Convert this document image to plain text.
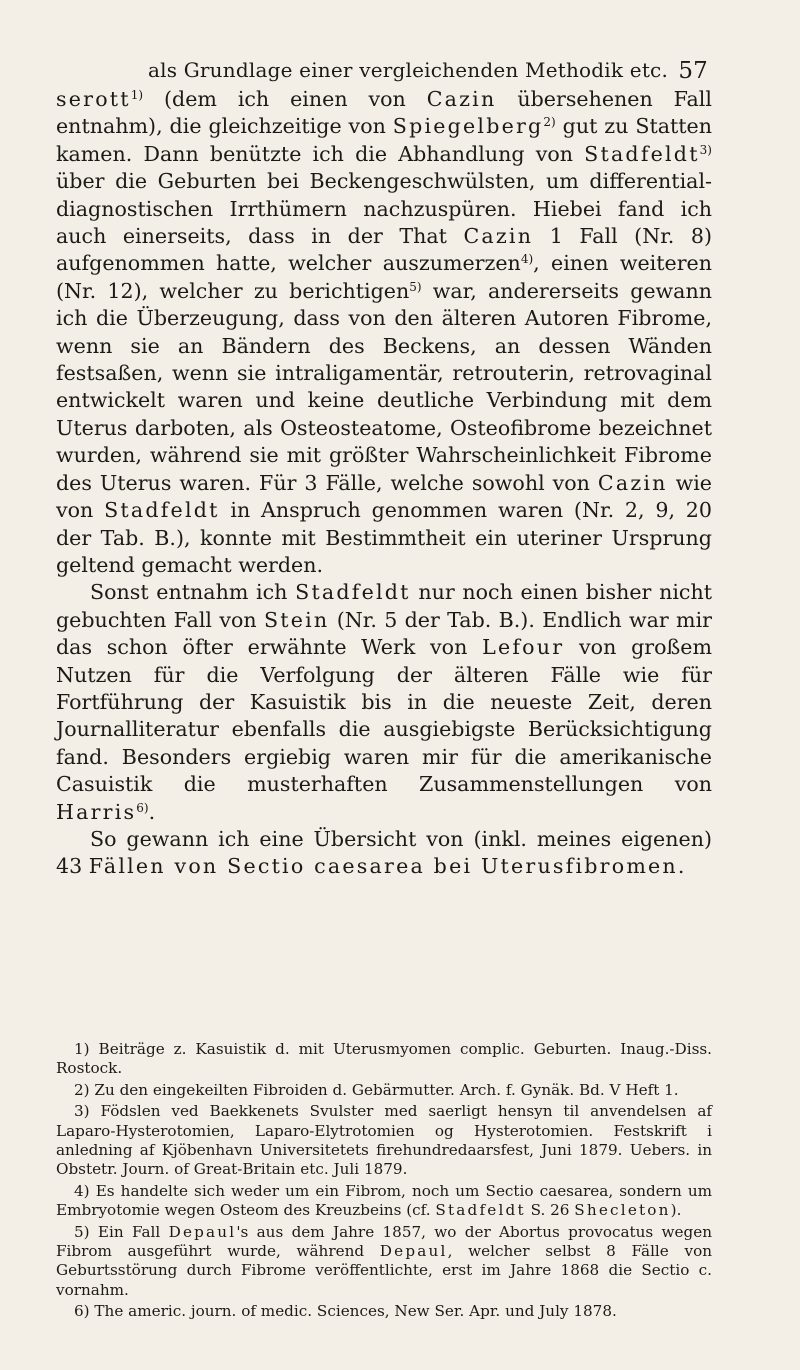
als Grundlage einer vergleichenden Methodik etc. 57

serott$^{1)}$ (dem ich einen von Cazin übersehenen Fall entnahm), die gleichzeitige von Spiegelberg$^{2)}$ gut zu Statten kamen. Dann benützte ich die Abhandlung von Stadfeldt$^{3)}$ über die Geburten bei Beckengeschwülsten, um differential-diagnostischen Irrthümern nachzuspüren. Hiebei fand ich auch einerseits, dass in der That Cazin 1 Fall (Nr. 8) aufgenommen hatte, welcher auszumerzen$^{4)}$, einen weiteren (Nr. 12), welcher zu berichtigen$^{5)}$ war, andererseits gewann ich die Überzeugung, dass von den älteren Autoren Fibrome, wenn sie an Bändern des Beckens, an dessen Wänden festsaßen, wenn sie intraligamentär, retrouterin, retrovaginal entwickelt waren und keine deutliche Verbindung mit dem Uterus darboten, als Osteosteatome, Osteofibrome bezeichnet wurden, während sie mit größter Wahrscheinlichkeit Fibrome des Uterus waren. Für 3 Fälle, welche sowohl von Cazin wie von Stadfeldt in Anspruch genommen waren (Nr. 2, 9, 20 der Tab. B.), konnte mit Bestimmtheit ein uteriner Ursprung geltend gemacht werden.

Sonst entnahm ich Stadfeldt nur noch einen bisher nicht gebuchten Fall von Stein (Nr. 5 der Tab. B.). Endlich war mir das schon öfter erwähnte Werk von Lefour von großem Nutzen für die Verfolgung der älteren Fälle wie für Fortführung der Kasuistik bis in die neueste Zeit, deren Journalliteratur ebenfalls die ausgiebigste Berücksichtigung fand. Besonders ergiebig waren mir für die amerikanische Casuistik die musterhaften Zusammenstellungen von Harris$^{6)}$.

So gewann ich eine Übersicht von (inkl. meines eigenen) 43 Fällen von Sectio caesarea bei Uterusfibromen.

1) Beiträge z. Kasuistik d. mit Uterusmyomen complic. Geburten. Inaug.-Diss. Rostock.

2) Zu den eingekeilten Fibroiden d. Gebärmutter. Arch. f. Gynäk. Bd. V Heft 1.

3) Födslen ved Baekkenets Svulster med saerligt hensyn til anvendelsen af Laparo-Hysterotomien, Laparo-Elytrotomien og Hysterotomien. Festskrift i anledning af Kjöbenhavn Universitetets firehundredaarsfest, Juni 1879. Uebers. in Obstetr. Journ. of Great-Britain etc. Juli 1879.

4) Es handelte sich weder um ein Fibrom, noch um Sectio caesarea, sondern um Embryotomie wegen Osteom des Kreuzbeins (cf. Stadfeldt S. 26 Shecleton).

5) Ein Fall Depaul's aus dem Jahre 1857, wo der Abortus provocatus wegen Fibrom ausgeführt wurde, während Depaul, welcher selbst 8 Fälle von Geburtsstörung durch Fibrome veröffentlichte, erst im Jahre 1868 die Sectio c. vornahm.

6) The americ. journ. of medic. Sciences, New Ser. Apr. und July 1878.
